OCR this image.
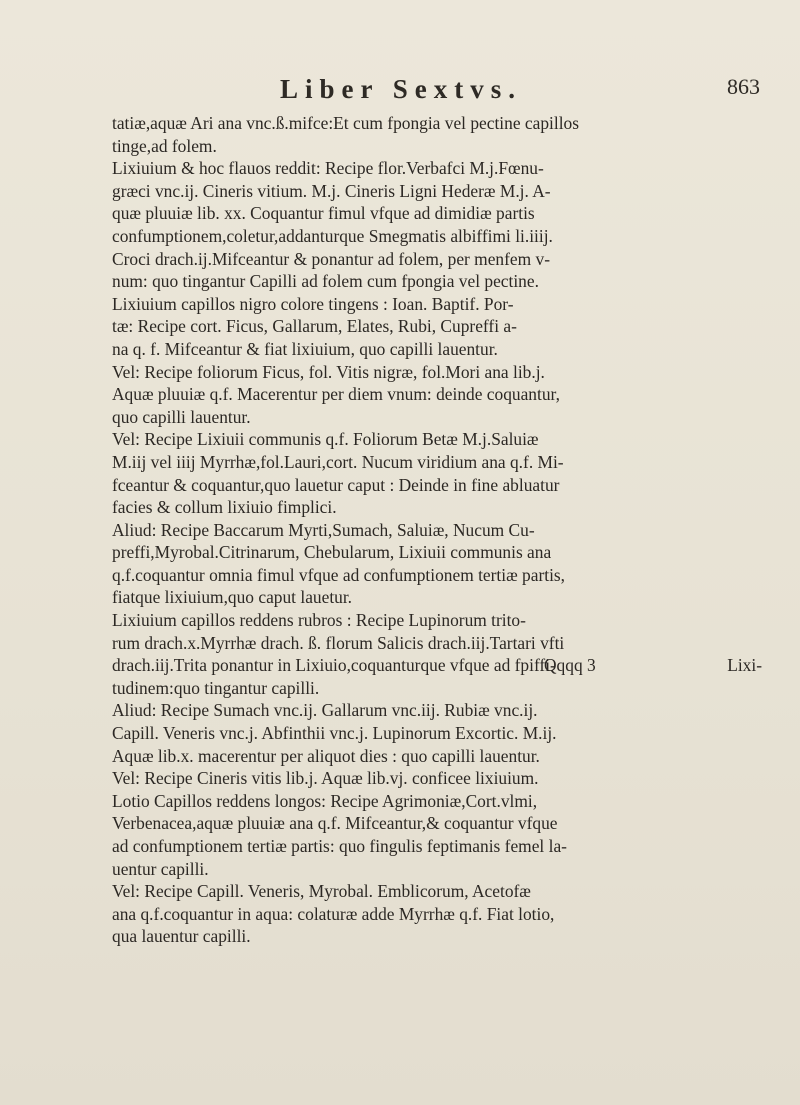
Liber Sextvs.	863
tatiæ,aquæ Ari ana vnc.ß.mifce:Et cum fpongia vel pectine capillos
tinge,ad folem.
Lixiuium & hoc flauos reddit: Recipe flor.Verbafci M.j.Fœnu-
græci vnc.ij. Cineris vitium. M.j. Cineris Ligni Hederæ M.j. A-
quæ pluuiæ lib. xx. Coquantur fimul vfque ad dimidiæ partis
confumptionem,coletur,addanturque Smegmatis albiffimi li.iiij.
Croci drach.ij.Mifceantur & ponantur ad folem, per menfem v-
num: quo tingantur Capilli ad folem cum fpongia vel pectine.
Lixiuium capillos nigro colore tingens : Ioan. Baptif. Por-
tæ: Recipe cort. Ficus, Gallarum, Elates, Rubi, Cupreffi a-
na q. f. Mifceantur & fiat lixiuium, quo capilli lauentur.
Vel: Recipe foliorum Ficus, fol. Vitis nigræ, fol.Mori ana lib.j.
Aquæ pluuiæ q.f. Macerentur per diem vnum: deinde coquantur,
quo capilli lauentur.
Vel: Recipe Lixiuii communis q.f. Foliorum Betæ M.j.Saluiæ
M.iij vel iiij Myrrhæ,fol.Lauri,cort. Nucum viridium ana q.f. Mi-
fceantur & coquantur,quo lauetur caput : Deinde in fine abluatur
facies & collum lixiuio fimplici.
Aliud: Recipe Baccarum Myrti,Sumach, Saluiæ, Nucum Cu-
preffi,Myrobal.Citrinarum, Chebularum, Lixiuii communis ana
q.f.coquantur omnia fimul vfque ad confumptionem tertiæ partis,
fiatque lixiuium,quo caput lauetur.
Lixiuium capillos reddens rubros : Recipe Lupinorum trito-
rum drach.x.Myrrhæ drach. ß. florum Salicis drach.iij.Tartari vfti
drach.iij.Trita ponantur in Lixiuio,coquanturque vfque ad fpiffi-
tudinem:quo tingantur capilli.
Aliud: Recipe Sumach vnc.ij. Gallarum vnc.iij. Rubiæ vnc.ij.
Capill. Veneris vnc.j. Abfinthii vnc.j. Lupinorum Excortic. M.ij.
Aquæ lib.x. macerentur per aliquot dies : quo capilli lauentur.
Vel: Recipe Cineris vitis lib.j. Aquæ lib.vj. conficee lixiuium.
Lotio Capillos reddens longos: Recipe Agrimoniæ,Cort.vlmi,
Verbenacea,aquæ pluuiæ ana q.f. Mifceantur,& coquantur vfque
ad confumptionem tertiæ partis: quo fingulis feptimanis femel la-
uentur capilli.
Vel: Recipe Capill. Veneris, Myrobal. Emblicorum, Acetofæ
ana q.f.coquantur in aqua: colaturæ adde Myrrhæ q.f. Fiat lotio,
qua lauentur capilli.
Qqqq 3	Lixi-
